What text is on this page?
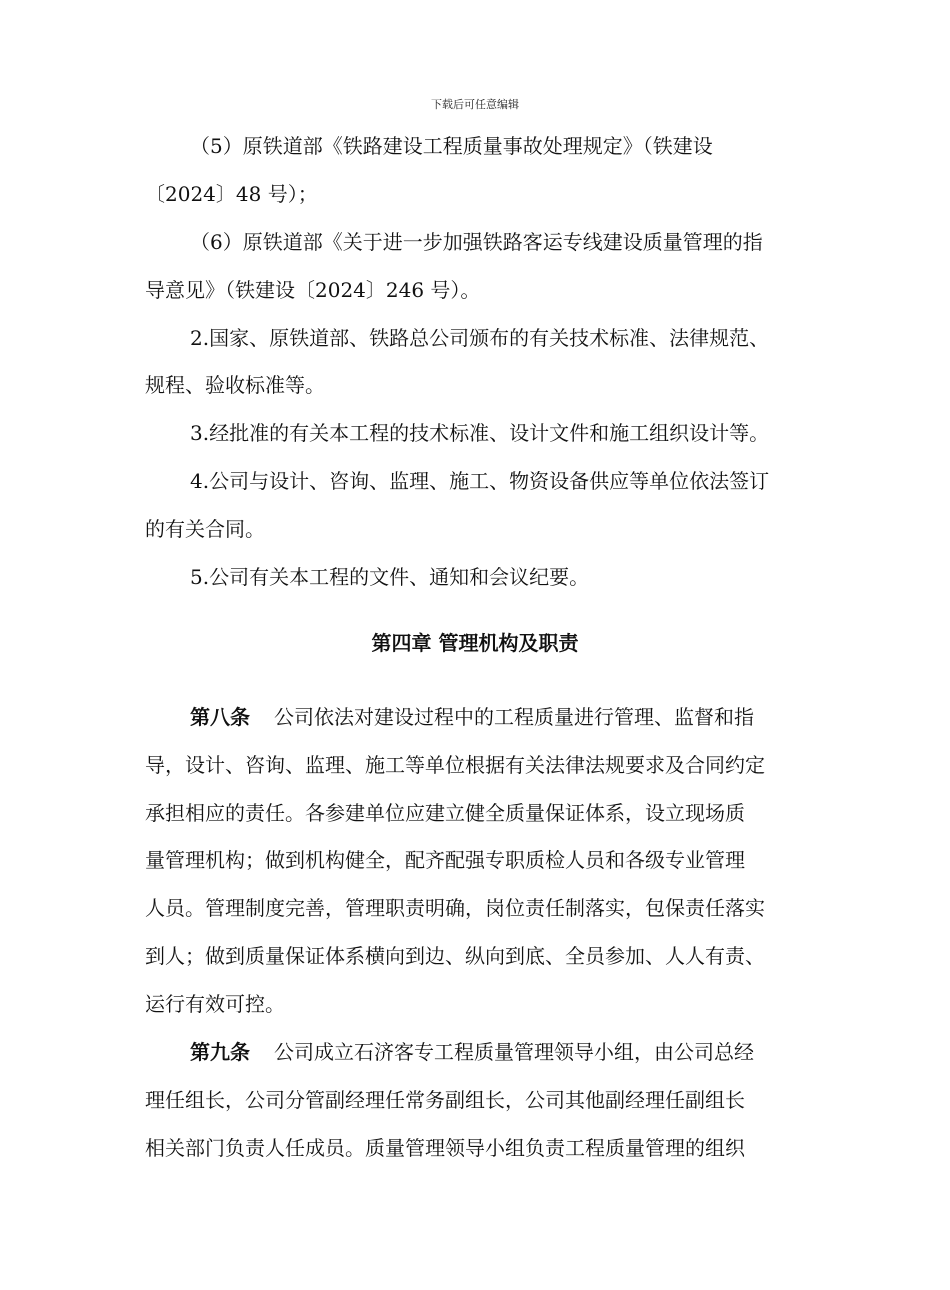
下载后可任意编辑
（5）原铁道部《铁路建设工程质量事故处理规定》（铁建设
〔2024〕48 号）；
（6）原铁道部《关于进一步加强铁路客运专线建设质量管理的指
导意见》（铁建设〔2024〕246 号）。
2.国家、原铁道部、铁路总公司颁布的有关技术标准、法律规范、
规程、验收标准等。
3.经批准的有关本工程的技术标准、设计文件和施工组织设计等。
4.公司与设计、咨询、监理、施工、物资设备供应等单位依法签订
的有关合同。
5.公司有关本工程的文件、通知和会议纪要。
第四章 管理机构及职责
第八条 公司依法对建设过程中的工程质量进行管理、监督和指
导，设计、咨询、监理、施工等单位根据有关法律法规要求及合同约定
承担相应的责任。各参建单位应建立健全质量保证体系，设立现场质
量管理机构；做到机构健全，配齐配强专职质检人员和各级专业管理
人员。管理制度完善，管理职责明确，岗位责任制落实，包保责任落实
到人；做到质量保证体系横向到边、纵向到底、全员参加、人人有责、
运行有效可控。
第九条 公司成立石济客专工程质量管理领导小组，由公司总经
理任组长，公司分管副经理任常务副组长，公司其他副经理任副组长
相关部门负责人任成员。质量管理领导小组负责工程质量管理的组织
